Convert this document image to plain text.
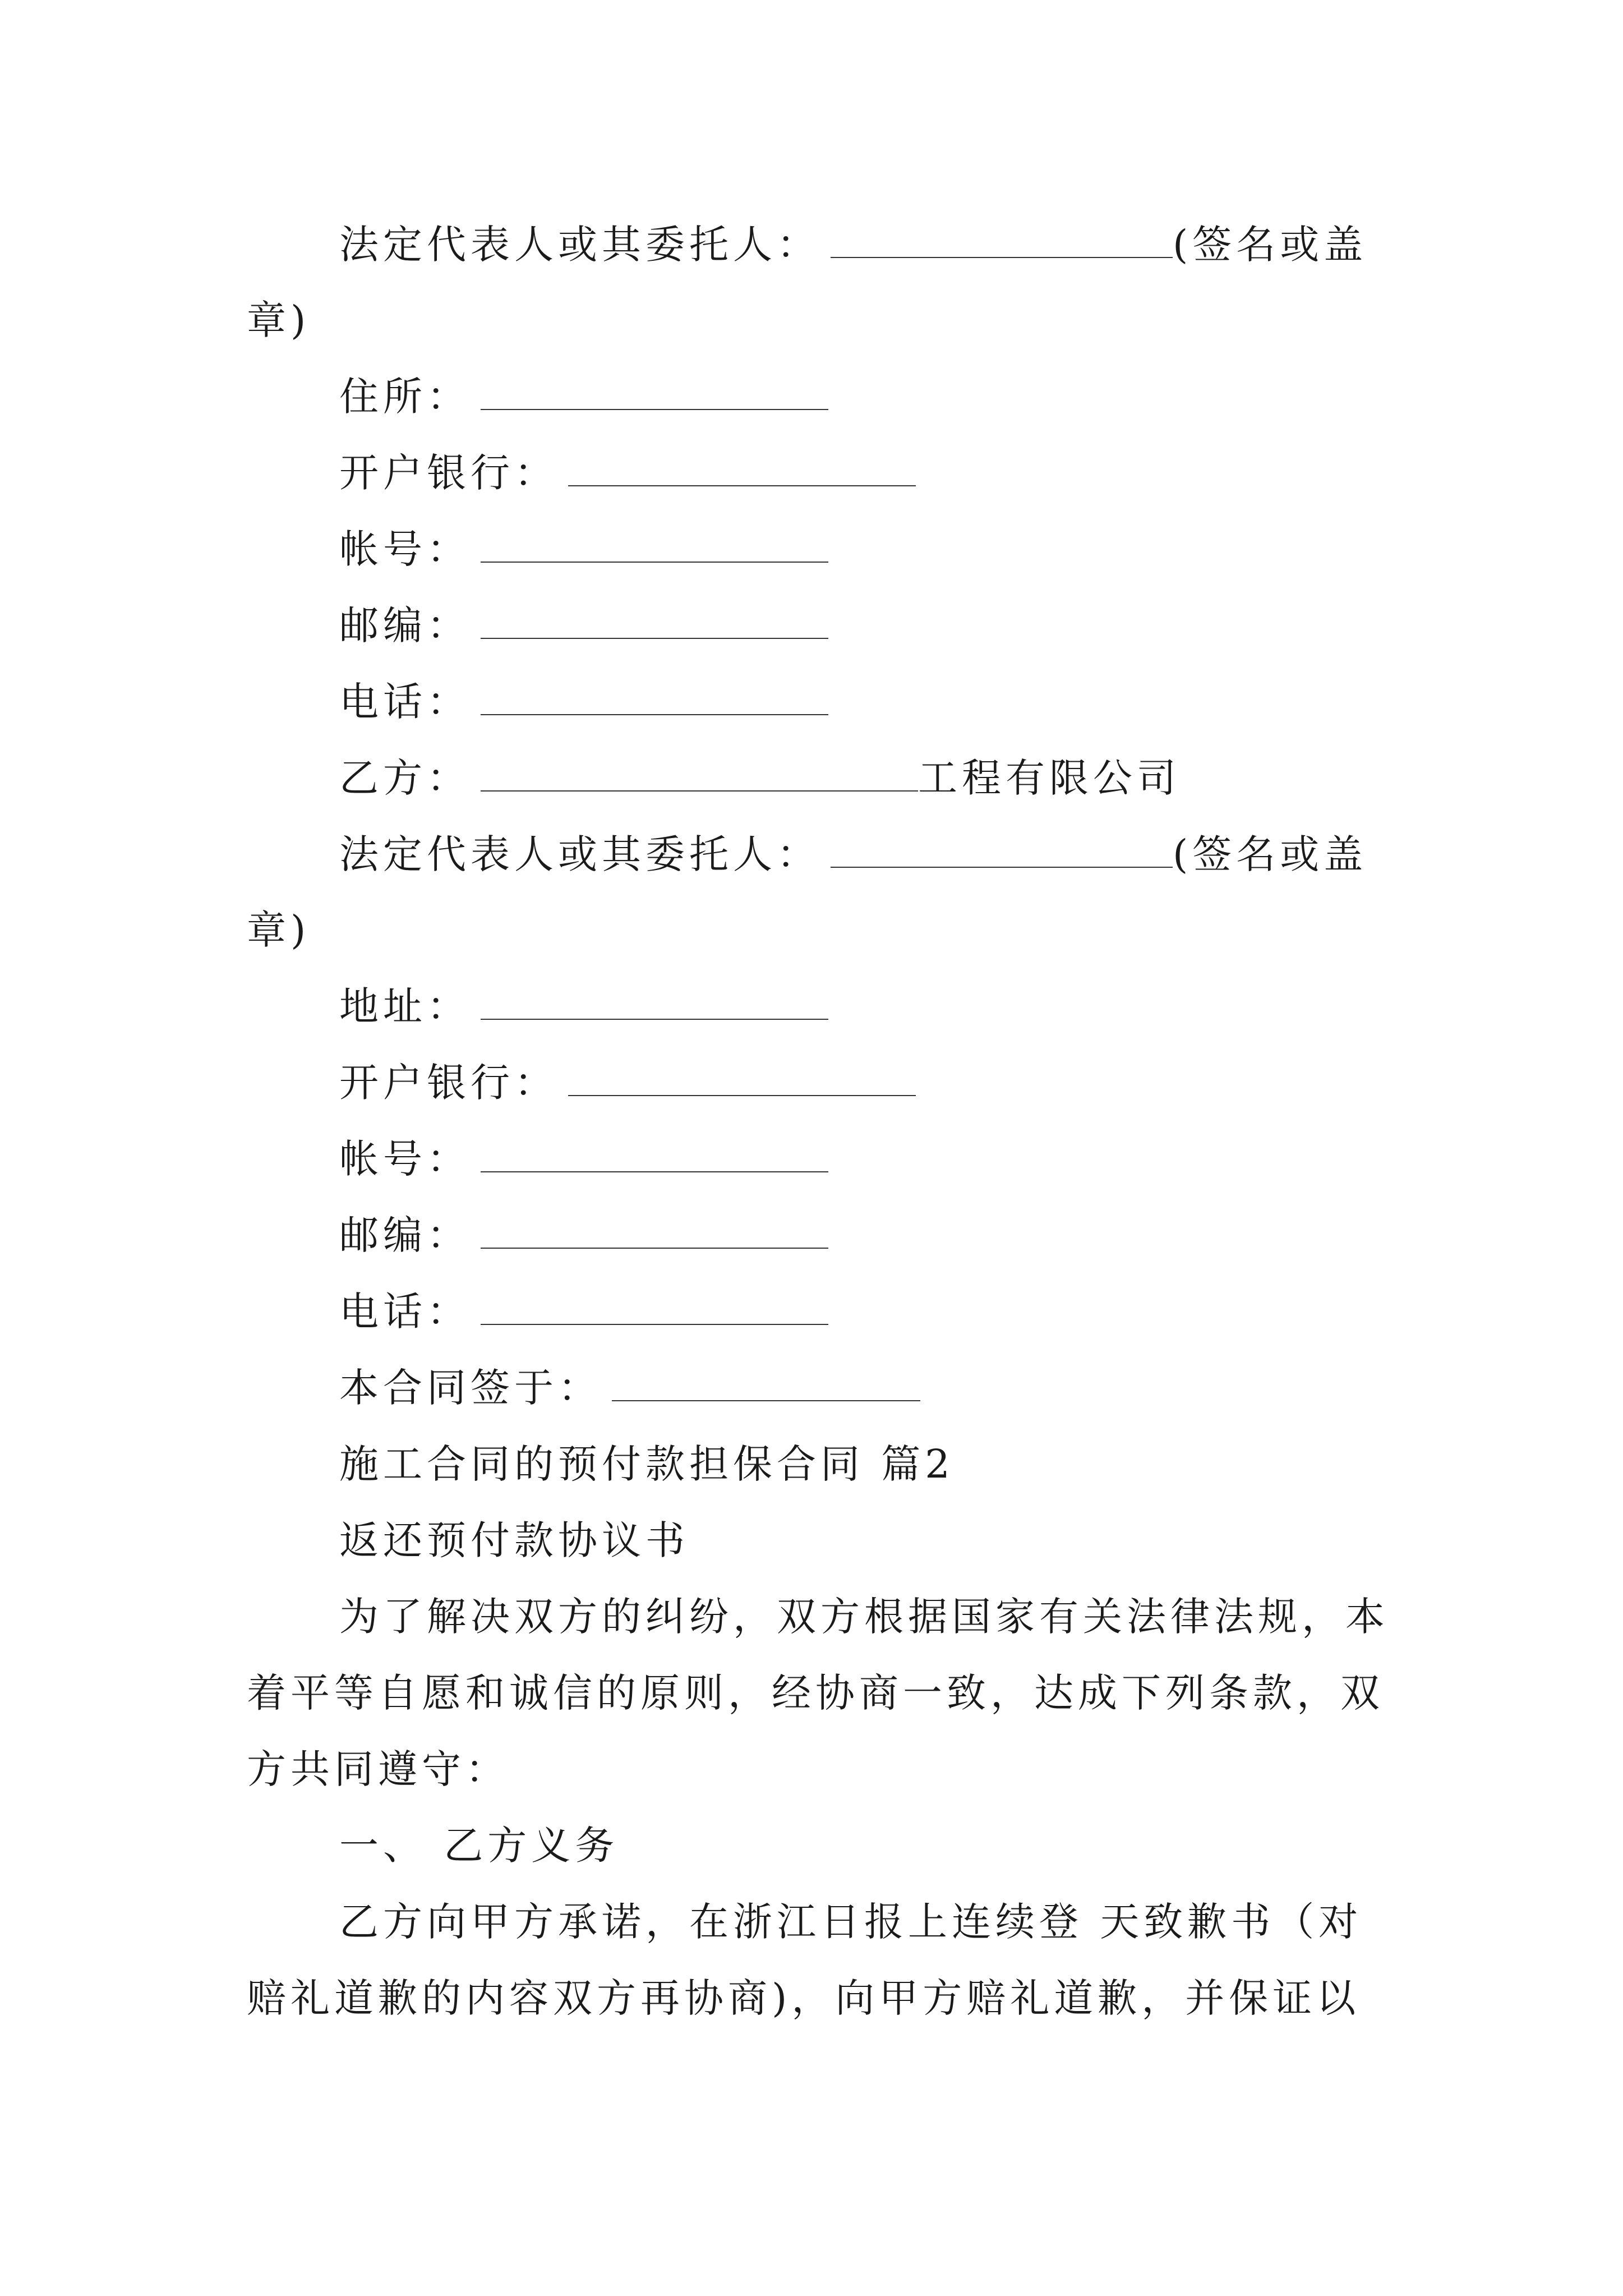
法定代表人或其委托人：	(签名或盖
章)
住所：
开户银行：
帐号：
邮编：
电话：
乙方：	工程有限公司
法定代表人或其委托人：	(签名或盖
章)
地址：
开户银行：
帐号：
邮编：
电话：
本合同签于：
施工合同的预付款担保合同 篇2
返还预付款协议书
为了解决双方的纠纷，双方根据国家有关法律法规，本
着平等自愿和诚信的原则，经协商一致，达成下列条款，双
方共同遵守：
一、 乙方义务
乙方向甲方承诺，在浙江日报上连续登 天致歉书（对
赔礼道歉的内容双方再协商)，向甲方赔礼道歉，并保证以
